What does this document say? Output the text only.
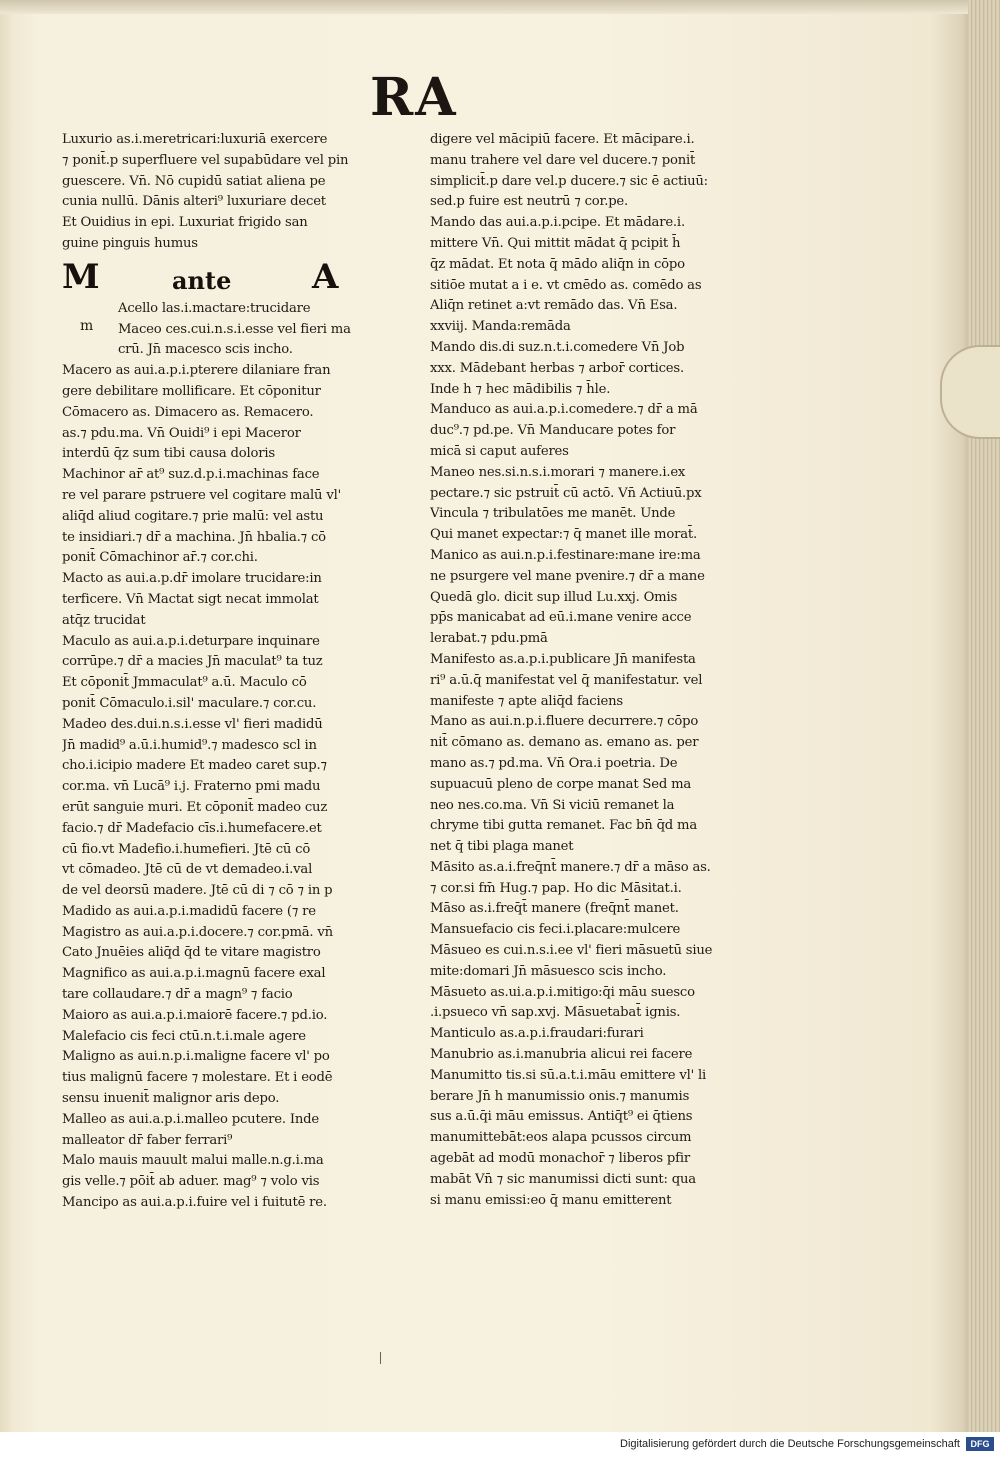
RA
m
Luxurio as.i.meretricari:luxuriā exercere
⁊ ponit̄.p superfluere vel supabūdare vel pin
guescere. Vn̄. Nō cupidū satiat aliena pe
cunia nullū. Dānis alteri⁹ luxuriare decet
Et Ouidius in epi. Luxuriat frigido san
guine pinguis humus
M	ante A
Acello las.i.mactare:trucidare
Maceo ces.cui.n.s.i.esse vel fieri ma
crū. Jn̄ macesco scis incho.
Macero as aui.a.p.i.pterere dilaniare fran
gere debilitare mollificare. Et cōponitur
Cōmacero as. Dimacero as. Remacero.
as.⁊ pdu.ma. Vn̄ Ouidi⁹ i epi Maceror
interdū q̄z sum tibi causa doloris
Machinor ar̄ at⁹ suz.d.p.i.machinas face
re vel parare pstruere vel cogitare malū vl'
aliq̄d aliud cogitare.⁊ prie malū: vel astu
te insidiari.⁊ dr̄ a machina. Jn̄ hbalia.⁊ cō
ponit̄ Cōmachinor ar̄.⁊ cor.chi.
Macto as aui.a.p.dr̄ imolare trucidare:in
terficere. Vn̄ Mactat sigt necat immolat
atq̄z trucidat
Maculo as aui.a.p.i.deturpare inquinare
corrūpe.⁊ dr̄ a macies Jn̄ maculat⁹ ta tuz
Et cōponit̄ Jmmaculat⁹ a.ū. Maculo cō
ponit̄ Cōmaculo.i.sil' maculare.⁊ cor.cu.
Madeo des.dui.n.s.i.esse vl' fieri madidū
Jn̄ madid⁹ a.ū.i.humid⁹.⁊ madesco scl in
cho.i.icipio madere Et madeo caret sup.⁊
cor.ma. vn̄ Lucā⁹ i.j. Fraterno pmi madu
erūt sanguie muri. Et cōponit̄ madeo cuz
facio.⁊ dr̄ Madefacio cīs.i.humefacere.et
cū fio.vt Madefio.i.humefieri. Jtē cū cō
vt cōmadeo. Jtē cū de vt demadeo.i.val
de vel deorsū madere. Jtē cū di ⁊ cō ⁊ in p
Madido as aui.a.p.i.madidū facere (⁊ re
Magistro as aui.a.p.i.docere.⁊ cor.pmā. vn̄
Cato Jnuēies aliq̄d q̄d te vitare magistro
Magnifico as aui.a.p.i.magnū facere exal
tare collaudare.⁊ dr̄ a magn⁹ ⁊ facio
Maioro as aui.a.p.i.maiorē facere.⁊ pd.io.
Malefacio cis feci ctū.n.t.i.male agere
Maligno as aui.n.p.i.maligne facere vl' po
tius malignū facere ⁊ molestare. Et i eodē
sensu inuenit̄ malignor aris depo.
Malleo as aui.a.p.i.malleo pcutere. Inde
malleator dr̄ faber ferrari⁹
Malo mauis mauult malui malle.n.g.i.ma
gis velle.⁊ pōit̄ ab aduer. mag⁹ ⁊ volo vis
Mancipo as aui.a.p.i.fuire vel i fuitutē re.
digere vel mācipiū facere. Et mācipare.i.
manu trahere vel dare vel ducere.⁊ ponit̄
simplicit̄.p dare vel.p ducere.⁊ sic ē actiuū:
sed.p fuire est neutrū ⁊ cor.pe.
Mando das aui.a.p.i.pcipe. Et mādare.i.
mittere Vn̄. Qui mittit mādat q̄ pcipit h̄
q̄z mādat. Et nota q̄ mādo aliq̄n in cōpo
sitiōe mutat a i e. vt cmēdo as. comēdo as
Aliq̄n retinet a:vt remādo das. Vn̄ Esa.
xxviij. Manda:remāda
Mando dis.di suz.n.t.i.comedere Vn̄ Job
xxx. Mādebant herbas ⁊ arbor̄ cortices.
Inde h ⁊ hec mādibilis ⁊ h̄le.
Manduco as aui.a.p.i.comedere.⁊ dr̄ a mā
duc⁹.⁊ pd.pe. Vn̄ Manducare potes for
micā si caput auferes
Maneo nes.si.n.s.i.morari ⁊ manere.i.ex
pectare.⁊ sic pstruit̄ cū actō. Vn̄ Actiuū.px
Vincula ⁊ tribulatōes me manēt. Unde
Qui manet expectar:⁊ q̄ manet ille morat̄.
Manico as aui.n.p.i.festinare:mane ire:ma
ne psurgere vel mane pvenire.⁊ dr̄ a mane
Quedā glo. dicit sup illud Lu.xxj. Omis
pp̄s manicabat ad eū.i.mane venire acce
lerabat.⁊ pdu.pmā
Manifesto as.a.p.i.publicare Jn̄ manifesta
ri⁹ a.ū.q̄ manifestat vel q̄ manifestatur. vel
manifeste ⁊ apte aliq̄d faciens
Mano as aui.n.p.i.fluere decurrere.⁊ cōpo
nit̄ cōmano as. demano as. emano as. per
mano as.⁊ pd.ma. Vn̄ Ora.i poetria. De
supuacuū pleno de corpe manat Sed ma
neo nes.co.ma. Vn̄ Si viciū remanet la
chryme tibi gutta remanet. Fac bn̄ q̄d ma
net q̄ tibi plaga manet
Māsito as.a.i.freq̄nt̄ manere.⁊ dr̄ a māso as.
⁊ cor.si fm̄ Hug.⁊ pap. Ho dic Māsitat.i.
Māso as.i.freq̄t̄ manere (freq̄nt̄ manet.
Mansuefacio cis feci.i.placare:mulcere
Māsueo es cui.n.s.i.ee vl' fieri māsuetū siue
mite:domari Jn̄ māsuesco scis incho.
Māsueto as.ui.a.p.i.mitigo:q̄i māu suesco
.i.psueco vn̄ sap.xvj. Māsuetabat̄ ignis.
Manticulo as.a.p.i.fraudari:furari
Manubrio as.i.manubria alicui rei facere
Manumitto tis.si sū.a.t.i.māu emittere vl' li
berare Jn̄ h manumissio onis.⁊ manumis
sus a.ū.q̄i māu emissus. Antiq̄t⁹ ei q̄tiens
manumittebāt:eos alapa pcussos circum
agebāt ad modū monachor̄ ⁊ liberos pfir
mabāt Vn̄ ⁊ sic manumissi dicti sunt: qua
si manu emissi:eo q̄ manu emitterent
Digitalisierung gefördert durch die Deutsche Forschungsgemeinschaft	DFG
